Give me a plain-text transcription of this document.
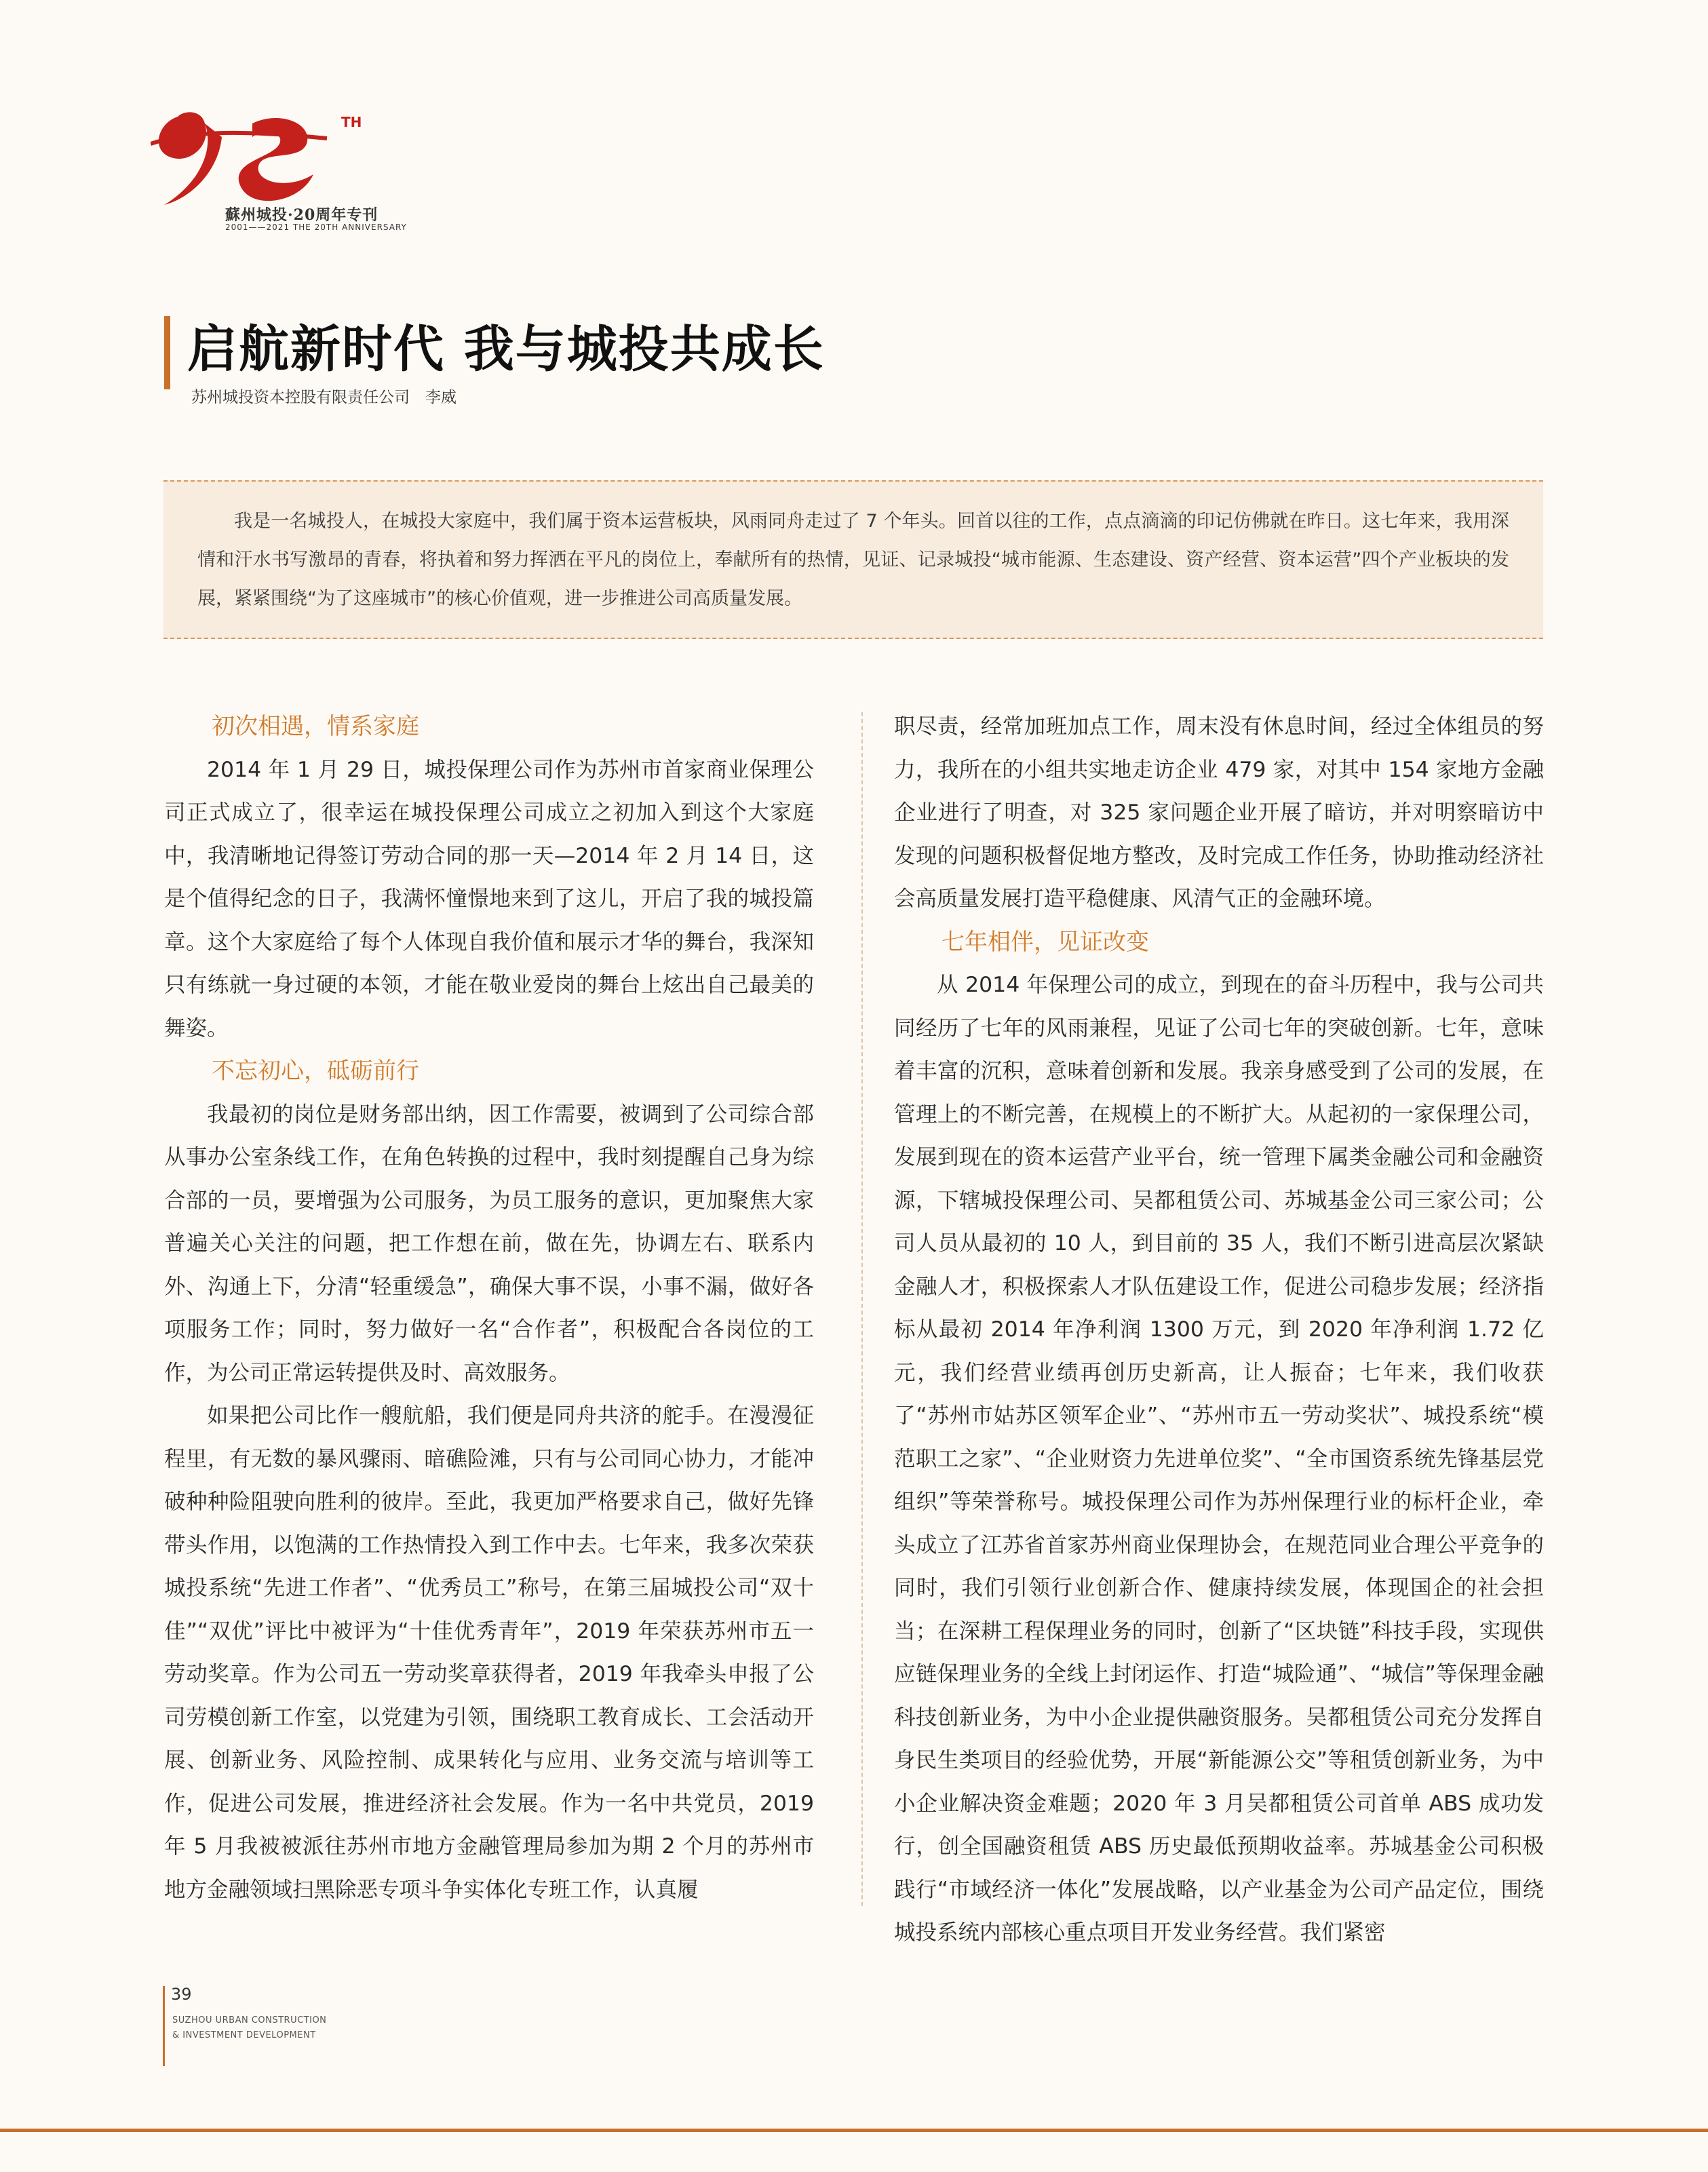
TH
蘇州城投·20周年专刊
2001——2021 THE 20TH ANNIVERSARY
启航新时代 我与城投共成长
苏州城投资本控股有限责任公司　李威

我是一名城投人，在城投大家庭中，我们属于资本运营板块，风雨同舟走过了 7 个年头。回首以往的工作，点点滴滴的印记仿佛就在昨日。这七年来，我用深情和汗水书写激昂的青春，将执着和努力挥洒在平凡的岗位上，奉献所有的热情，见证、记录城投“城市能源、生态建设、资产经营、资本运营”四个产业板块的发展，紧紧围绕“为了这座城市”的核心价值观，进一步推进公司高质量发展。

初次相遇，情系家庭

2014 年 1 月 29 日，城投保理公司作为苏州市首家商业保理公司正式成立了，很幸运在城投保理公司成立之初加入到这个大家庭中，我清晰地记得签订劳动合同的那一天—2014 年 2 月 14 日，这是个值得纪念的日子，我满怀憧憬地来到了这儿，开启了我的城投篇章。这个大家庭给了每个人体现自我价值和展示才华的舞台，我深知只有练就一身过硬的本领，才能在敬业爱岗的舞台上炫出自己最美的舞姿。

不忘初心，砥砺前行

我最初的岗位是财务部出纳，因工作需要，被调到了公司综合部从事办公室条线工作，在角色转换的过程中，我时刻提醒自己身为综合部的一员，要增强为公司服务，为员工服务的意识，更加聚焦大家普遍关心关注的问题，把工作想在前，做在先，协调左右、联系内外、沟通上下，分清“轻重缓急”，确保大事不误，小事不漏，做好各项服务工作；同时，努力做好一名“合作者”，积极配合各岗位的工作，为公司正常运转提供及时、高效服务。

如果把公司比作一艘航船，我们便是同舟共济的舵手。在漫漫征程里，有无数的暴风骤雨、暗礁险滩，只有与公司同心协力，才能冲破种种险阻驶向胜利的彼岸。至此，我更加严格要求自己，做好先锋带头作用，以饱满的工作热情投入到工作中去。七年来，我多次荣获城投系统“先进工作者”、“优秀员工”称号，在第三届城投公司“双十佳”“双优”评比中被评为“十佳优秀青年”，2019 年荣获苏州市五一劳动奖章。作为公司五一劳动奖章获得者，2019 年我牵头申报了公司劳模创新工作室，以党建为引领，围绕职工教育成长、工会活动开展、创新业务、风险控制、成果转化与应用、业务交流与培训等工作，促进公司发展，推进经济社会发展。作为一名中共党员，2019 年 5 月我被被派往苏州市地方金融管理局参加为期 2 个月的苏州市地方金融领域扫黑除恶专项斗争实体化专班工作，认真履

职尽责，经常加班加点工作，周末没有休息时间，经过全体组员的努力，我所在的小组共实地走访企业 479 家，对其中 154 家地方金融企业进行了明查，对 325 家问题企业开展了暗访，并对明察暗访中发现的问题积极督促地方整改，及时完成工作任务，协助推动经济社会高质量发展打造平稳健康、风清气正的金融环境。

七年相伴，见证改变

从 2014 年保理公司的成立，到现在的奋斗历程中，我与公司共同经历了七年的风雨兼程，见证了公司七年的突破创新。七年，意味着丰富的沉积，意味着创新和发展。我亲身感受到了公司的发展，在管理上的不断完善，在规模上的不断扩大。从起初的一家保理公司，发展到现在的资本运营产业平台，统一管理下属类金融公司和金融资源，下辖城投保理公司、吴都租赁公司、苏城基金公司三家公司；公司人员从最初的 10 人，到目前的 35 人，我们不断引进高层次紧缺金融人才，积极探索人才队伍建设工作，促进公司稳步发展；经济指标从最初 2014 年净利润 1300 万元，到 2020 年净利润 1.72 亿元，我们经营业绩再创历史新高，让人振奋；七年来，我们收获了“苏州市姑苏区领军企业”、“苏州市五一劳动奖状”、城投系统“模范职工之家”、“企业财资力先进单位奖”、“全市国资系统先锋基层党组织”等荣誉称号。城投保理公司作为苏州保理行业的标杆企业，牵头成立了江苏省首家苏州商业保理协会，在规范同业合理公平竞争的同时，我们引领行业创新合作、健康持续发展，体现国企的社会担当；在深耕工程保理业务的同时，创新了“区块链”科技手段，实现供应链保理业务的全线上封闭运作、打造“城险通”、“城信”等保理金融科技创新业务，为中小企业提供融资服务。吴都租赁公司充分发挥自身民生类项目的经验优势，开展“新能源公交”等租赁创新业务，为中小企业解决资金难题；2020 年 3 月吴都租赁公司首单 ABS 成功发行，创全国融资租赁 ABS 历史最低预期收益率。苏城基金公司积极践行“市域经济一体化”发展战略，以产业基金为公司产品定位，围绕城投系统内部核心重点项目开发业务经营。我们紧密

39
SUZHOU URBAN CONSTRUCTION
& INVESTMENT DEVELOPMENT
